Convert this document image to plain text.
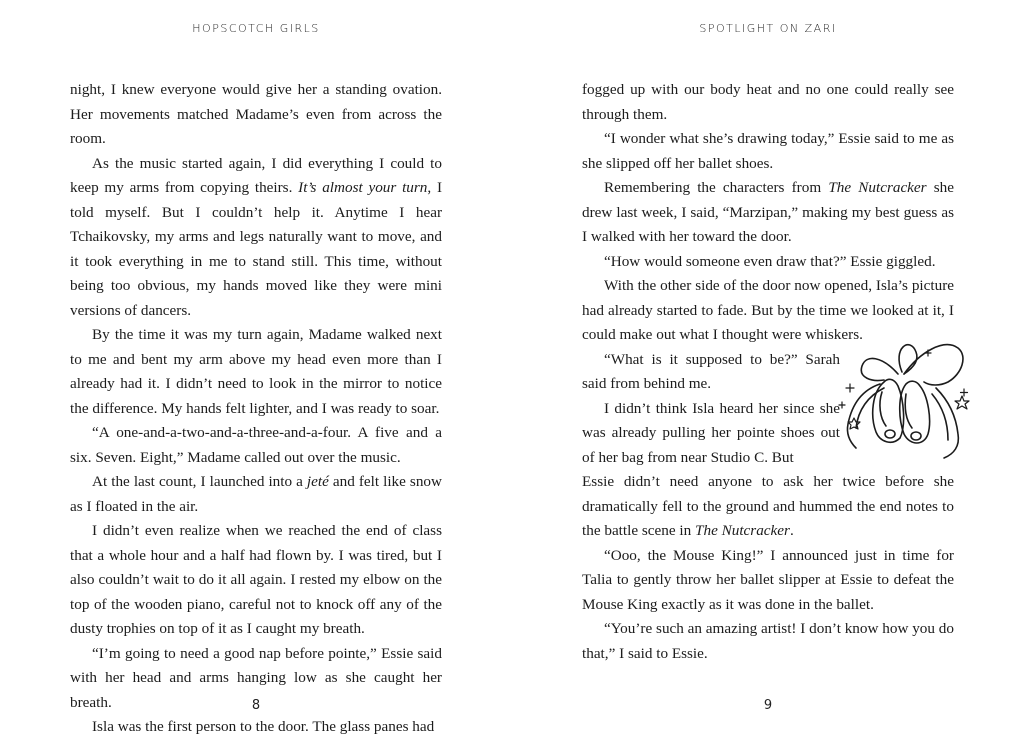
HOPSCOTCH GIRLS

night, I knew everyone would give her a standing ovation. Her movements matched Madame’s even from across the room.

As the music started again, I did everything I could to keep my arms from copying theirs. It’s almost your turn, I told myself. But I couldn’t help it. Anytime I hear Tchaikovsky, my arms and legs naturally want to move, and it took everything in me to stand still. This time, without being too obvious, my hands moved like they were mini versions of dancers.

By the time it was my turn again, Madame walked next to me and bent my arm above my head even more than I already had it. I didn’t need to look in the mirror to notice the difference. My hands felt lighter, and I was ready to soar.

“A one-and-a-two-and-a-three-and-a-four. A five and a six. Seven. Eight,” Madame called out over the music.

At the last count, I launched into a jeté and felt like snow as I floated in the air.

I didn’t even realize when we reached the end of class that a whole hour and a half had flown by. I was tired, but I also couldn’t wait to do it all again. I rested my elbow on the top of the wooden piano, careful not to knock off any of the dusty trophies on top of it as I caught my breath.

“I’m going to need a good nap before pointe,” Essie said with her head and arms hanging low as she caught her breath.

Isla was the first person to the door. The glass panes had

8
SPOTLIGHT ON ZARI

fogged up with our body heat and no one could really see through them.

“I wonder what she’s drawing today,” Essie said to me as she slipped off her ballet shoes.

Remembering the characters from The Nutcracker she drew last week, I said, “Marzipan,” making my best guess as I walked with her toward the door.

“How would someone even draw that?” Essie giggled.

With the other side of the door now opened, Isla’s picture had already started to fade. But by the time we looked at it, I could make out what I thought were whiskers.

“What is it supposed to be?” Sarah said from behind me.

I didn’t think Isla heard her since she was already pulling her pointe shoes out of her bag from near Studio C. But

Essie didn’t need anyone to ask her twice before she dramatically fell to the ground and hummed the end notes to the battle scene in The Nutcracker.

“Ooo, the Mouse King!” I announced just in time for Talia to gently throw her ballet slipper at Essie to defeat the Mouse King exactly as it was done in the ballet.

“You’re such an amazing artist! I don’t know how you do that,” I said to Essie.

9
